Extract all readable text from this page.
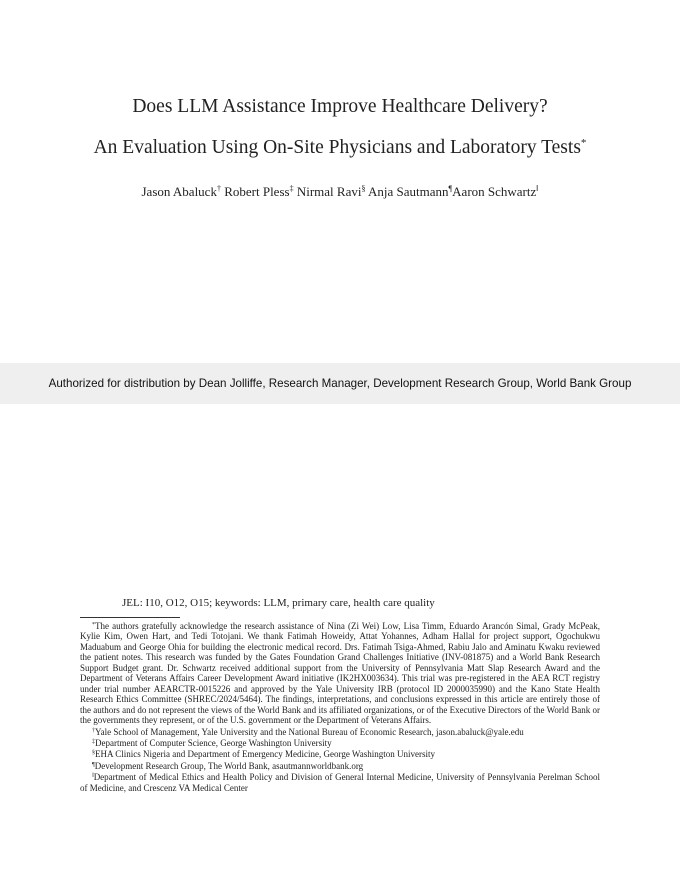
Does LLM Assistance Improve Healthcare Delivery?
An Evaluation Using On-Site Physicians and Laboratory Tests*
Jason Abaluck† Robert Pless‡ Nirmal Ravi§ Anja Sautmann¶Aaron Schwartz‖
Authorized for distribution by Dean Jolliffe, Research Manager, Development Research Group, World Bank Group
JEL: I10, O12, O15; keywords: LLM, primary care, health care quality

*The authors gratefully acknowledge the research assistance of Nina (Zi Wei) Low, Lisa Timm, Eduardo Arancón Simal, Grady McPeak, Kylie Kim, Owen Hart, and Tedi Totojani. We thank Fatimah Howeidy, Attat Yohannes, Adham Hallal for project support, Ogochukwu Maduabum and George Ohia for building the electronic medical record. Drs. Fatimah Tsiga-Ahmed, Rabiu Jalo and Aminatu Kwaku reviewed the patient notes. This research was funded by the Gates Foundation Grand Challenges Initiative (INV-081875) and a World Bank Research Support Budget grant. Dr. Schwartz received additional support from the University of Pennsylvania Matt Slap Research Award and the Department of Veterans Affairs Career Development Award initiative (IK2HX003634). This trial was pre-registered in the AEA RCT registry under trial number AEARCTR-0015226 and approved by the Yale University IRB (protocol ID 2000035990) and the Kano State Health Research Ethics Committee (SHREC/2024/5464). The findings, interpretations, and conclusions expressed in this article are entirely those of the authors and do not represent the views of the World Bank and its affiliated organizations, or of the Executive Directors of the World Bank or the governments they represent, or of the U.S. government or the Department of Veterans Affairs.

†Yale School of Management, Yale University and the National Bureau of Economic Research, jason.abaluck@yale.edu

‡Department of Computer Science, George Washington University

§EHA Clinics Nigeria and Department of Emergency Medicine, George Washington University

¶Development Research Group, The World Bank, asautmannworldbank.org

‖Department of Medical Ethics and Health Policy and Division of General Internal Medicine, University of Pennsylvania Perelman School of Medicine, and Crescenz VA Medical Center
